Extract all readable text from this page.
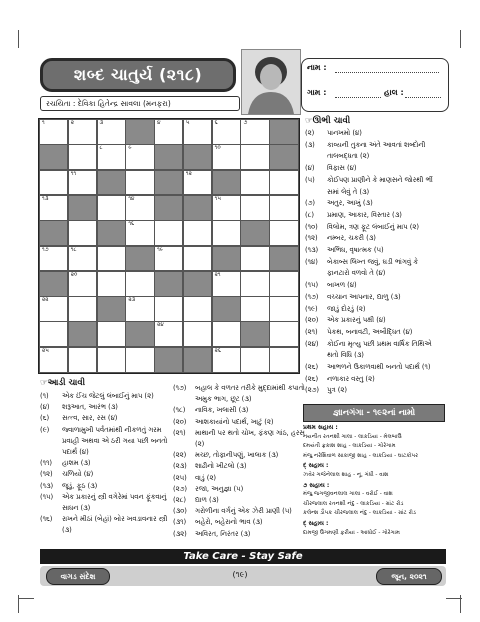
શબ્દ ચાતુર્ય (૨૧૮)
રચયિતા : દેવિકા હિતેન્દ્ર સાવલા (મનફરા)
નામ :
ગામ :	હાલ :
૧	૨	૩	૪	૫	૬	૭
૮	૯	૧૦
૧૧	૧૨
૧૩	૧૪	૧૫
૧૬
૧૭	૧૮	૧૯
૨૦	૨૧
૨૨	૨૩
૨૪
૨૫	૨૬
☞ઊભી ચાવી
(૨) પાનખમો (૪)
(૩) કાવ્યની તુકના અંતે આવતાં શબ્દોની
તાલબદ્ધતા (૨)
(૪) વિફાસ (૪)
(૫) કોઈપણ પ્રાણીને કે માણસને જોરથી ભીં
સમાં લેવું તે (૩)
(૭) અતુર, આખું (૩)
(૮) પ્રમાણ, આકાર, વિસ્તાર (૩)
(૧૦) વિલોમ, ત્રણ ફૂટ લંબાઈનું માપ (૨)
(૧૨) નમ્બર, ચકરી (૩)
(૧૩) અભિધ, વૃષાત્મક (૫)
(૧૪) બેકાબ્સ લિખ્ત જવું, ઘડી ભાંગવું કે
ફાનટારો વળવો તે (૪)
(૧૫) બાખળ (૪)
(૧૭) વચ્ચાન આપનાર, દ્યાળુ (૩)
(૧૯) જાડું દોરડું (૨)
(૨૦) એક પ્રકારનું પક્ષી (૪)
(૨૧) પેકથ, બનાવટી, અબૌદ્ધિત (૪)
(૨૪) કોઈના મૃત્યુ પછી પ્રથમ વાર્ષિક તિથિએ
થતો વિધિ (૩)
(૨૬) આભળને ઉકાળવાથી બનતો પદાર્થ (૧)
(૨૬) નળાકાર વસ્તુ (૨)
(૨૭) પુત્ર (૨)
☞આડી ચાવી
(૧) એક ઈંચ જેટલું લંબાઈનું માપ (૨)
(૪) શરૂઆત, આરંભ (૩)
(૬) સત્ત્વ, સાર, રસ (૪)
(૯) જ્વાળામુખી પર્વતમાંથી નીકળતું ગરમ
પ્રવાહી અથવા એ ઠરી ગયા પછી બનતો
પદાર્થ (૪)
(૧૧) હાશમ (૩)
(૧૨) ચળિયો (૪)
(૧૩) જૂડું, ફૂઠ (૩)
(૧૫) એક પ્રકારનું સ્ત્રી વગેરેમાં પવન ફૂંકવાનું
સાધન (૩)
(૧૬) રાખને મીઠાં (બેહાં) બોર ખવડાવનાર સ્ત્રી
(૩)
(૧૭) બહાલ કે વળતર તરીકે મુદ્દામાંથી કપાતો
અમુક ભાગ, છૂટ (૩)
(૧૮) નાવિક, ખલાસી (૩)
(૨૦) આશકાયાંનો પદાર્થ, ખાટું (૨)
(૨૧) માથાની પર થતો ચોખ, ફંકણ ગાંઠ, હરસ
(૨)
(૨૨) મચ્છ, તોફાનીપણું, ખાલાક (૩)
(૨૩) શાઢીનો ખીટલો (૩)
(૨૫) વાડું (૨)
(૨૭) રજા, અનુજ્ઞા (૫)
(૨૮) દ્યાળ (૩)
(૩૦) ગરોળીના વર્ગનું એક ઝેરી પ્રાણી (૫)
(૩૧) બહેરો, બહેરાનો ભાવ (૩)
(૩૨) અવિરત, નિરંતર (૩)
જ્ઞાનગંગા - ૧૯૨નાં નામો
પ્રથમ સહાય :
નયનીત રતનશી ગાલા - લાકડિયા - મેલબાઉ
દમયંતી ફ્રકાશ શાહ - લાકડિયા - ગોરેગામ
મંજુ નરેશિવાળ સાકાજી શાહ - લાકડિયા - ઘાટકોપર
દ્ સહાય :
ઝવેર ગજેનેલાલ શાહ - નૂ. ગંધી - વાશ
૭ સહાય :
મંજુ જગજીવનલાલ ગાલા - વરોઈ - વાશ
ચીરજલાલ રતનશી નંદુ - લાકડિયા - ગ્રાંટ રોડ
કલેન્શ ડૌપક ચીરજલાલ નંદુ - લાકડિયા - ગ્રાંટ રોડ
દ્ સહાય :
દામજી ઉગમણી ફરીયા - આધોઈ - ગોરેગામ
Take Care - Stay Safe
વાગડ સંદેશ	(૧૯)	જૂન, ૨૦૨૧
